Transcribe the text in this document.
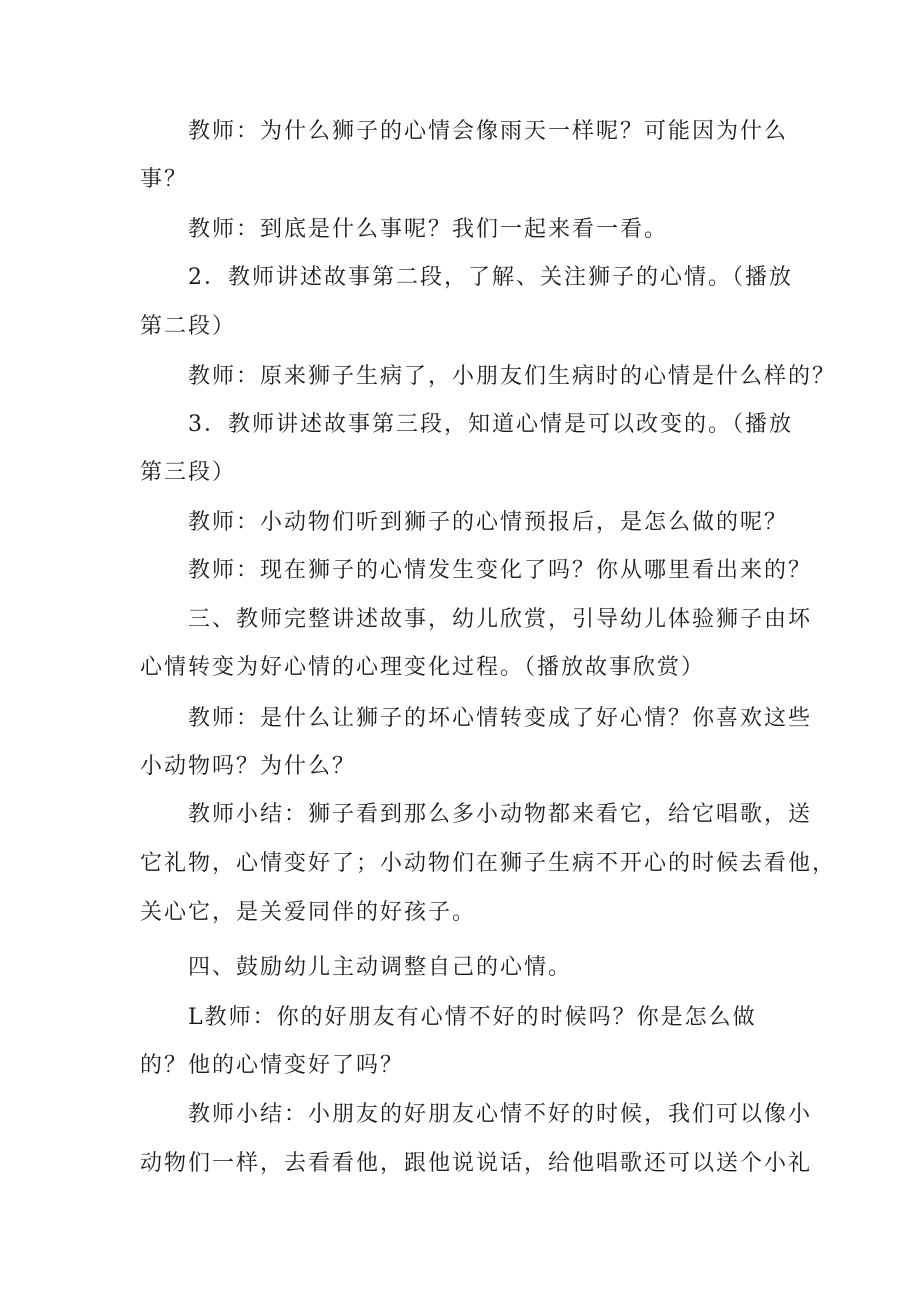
教师：为什么狮子的心情会像雨天一样呢？可能因为什么
事？
教师：到底是什么事呢？我们一起来看一看。
2．教师讲述故事第二段，了解、关注狮子的心情。（播放
第二段）
教师：原来狮子生病了，小朋友们生病时的心情是什么样的？
3．教师讲述故事第三段，知道心情是可以改变的。（播放
第三段）
教师：小动物们听到狮子的心情预报后，是怎么做的呢？
教师：现在狮子的心情发生变化了吗？你从哪里看出来的？
三、教师完整讲述故事，幼儿欣赏，引导幼儿体验狮子由坏
心情转变为好心情的心理变化过程。（播放故事欣赏）
教师：是什么让狮子的坏心情转变成了好心情？你喜欢这些
小动物吗？为什么？
教师小结：狮子看到那么多小动物都来看它，给它唱歌，送
它礼物，心情变好了；小动物们在狮子生病不开心的时候去看他，
关心它，是关爱同伴的好孩子。
四、鼓励幼儿主动调整自己的心情。
L教师：你的好朋友有心情不好的时候吗？你是怎么做
的？他的心情变好了吗？
教师小结：小朋友的好朋友心情不好的时候，我们可以像小
动物们一样，去看看他，跟他说说话，给他唱歌还可以送个小礼
